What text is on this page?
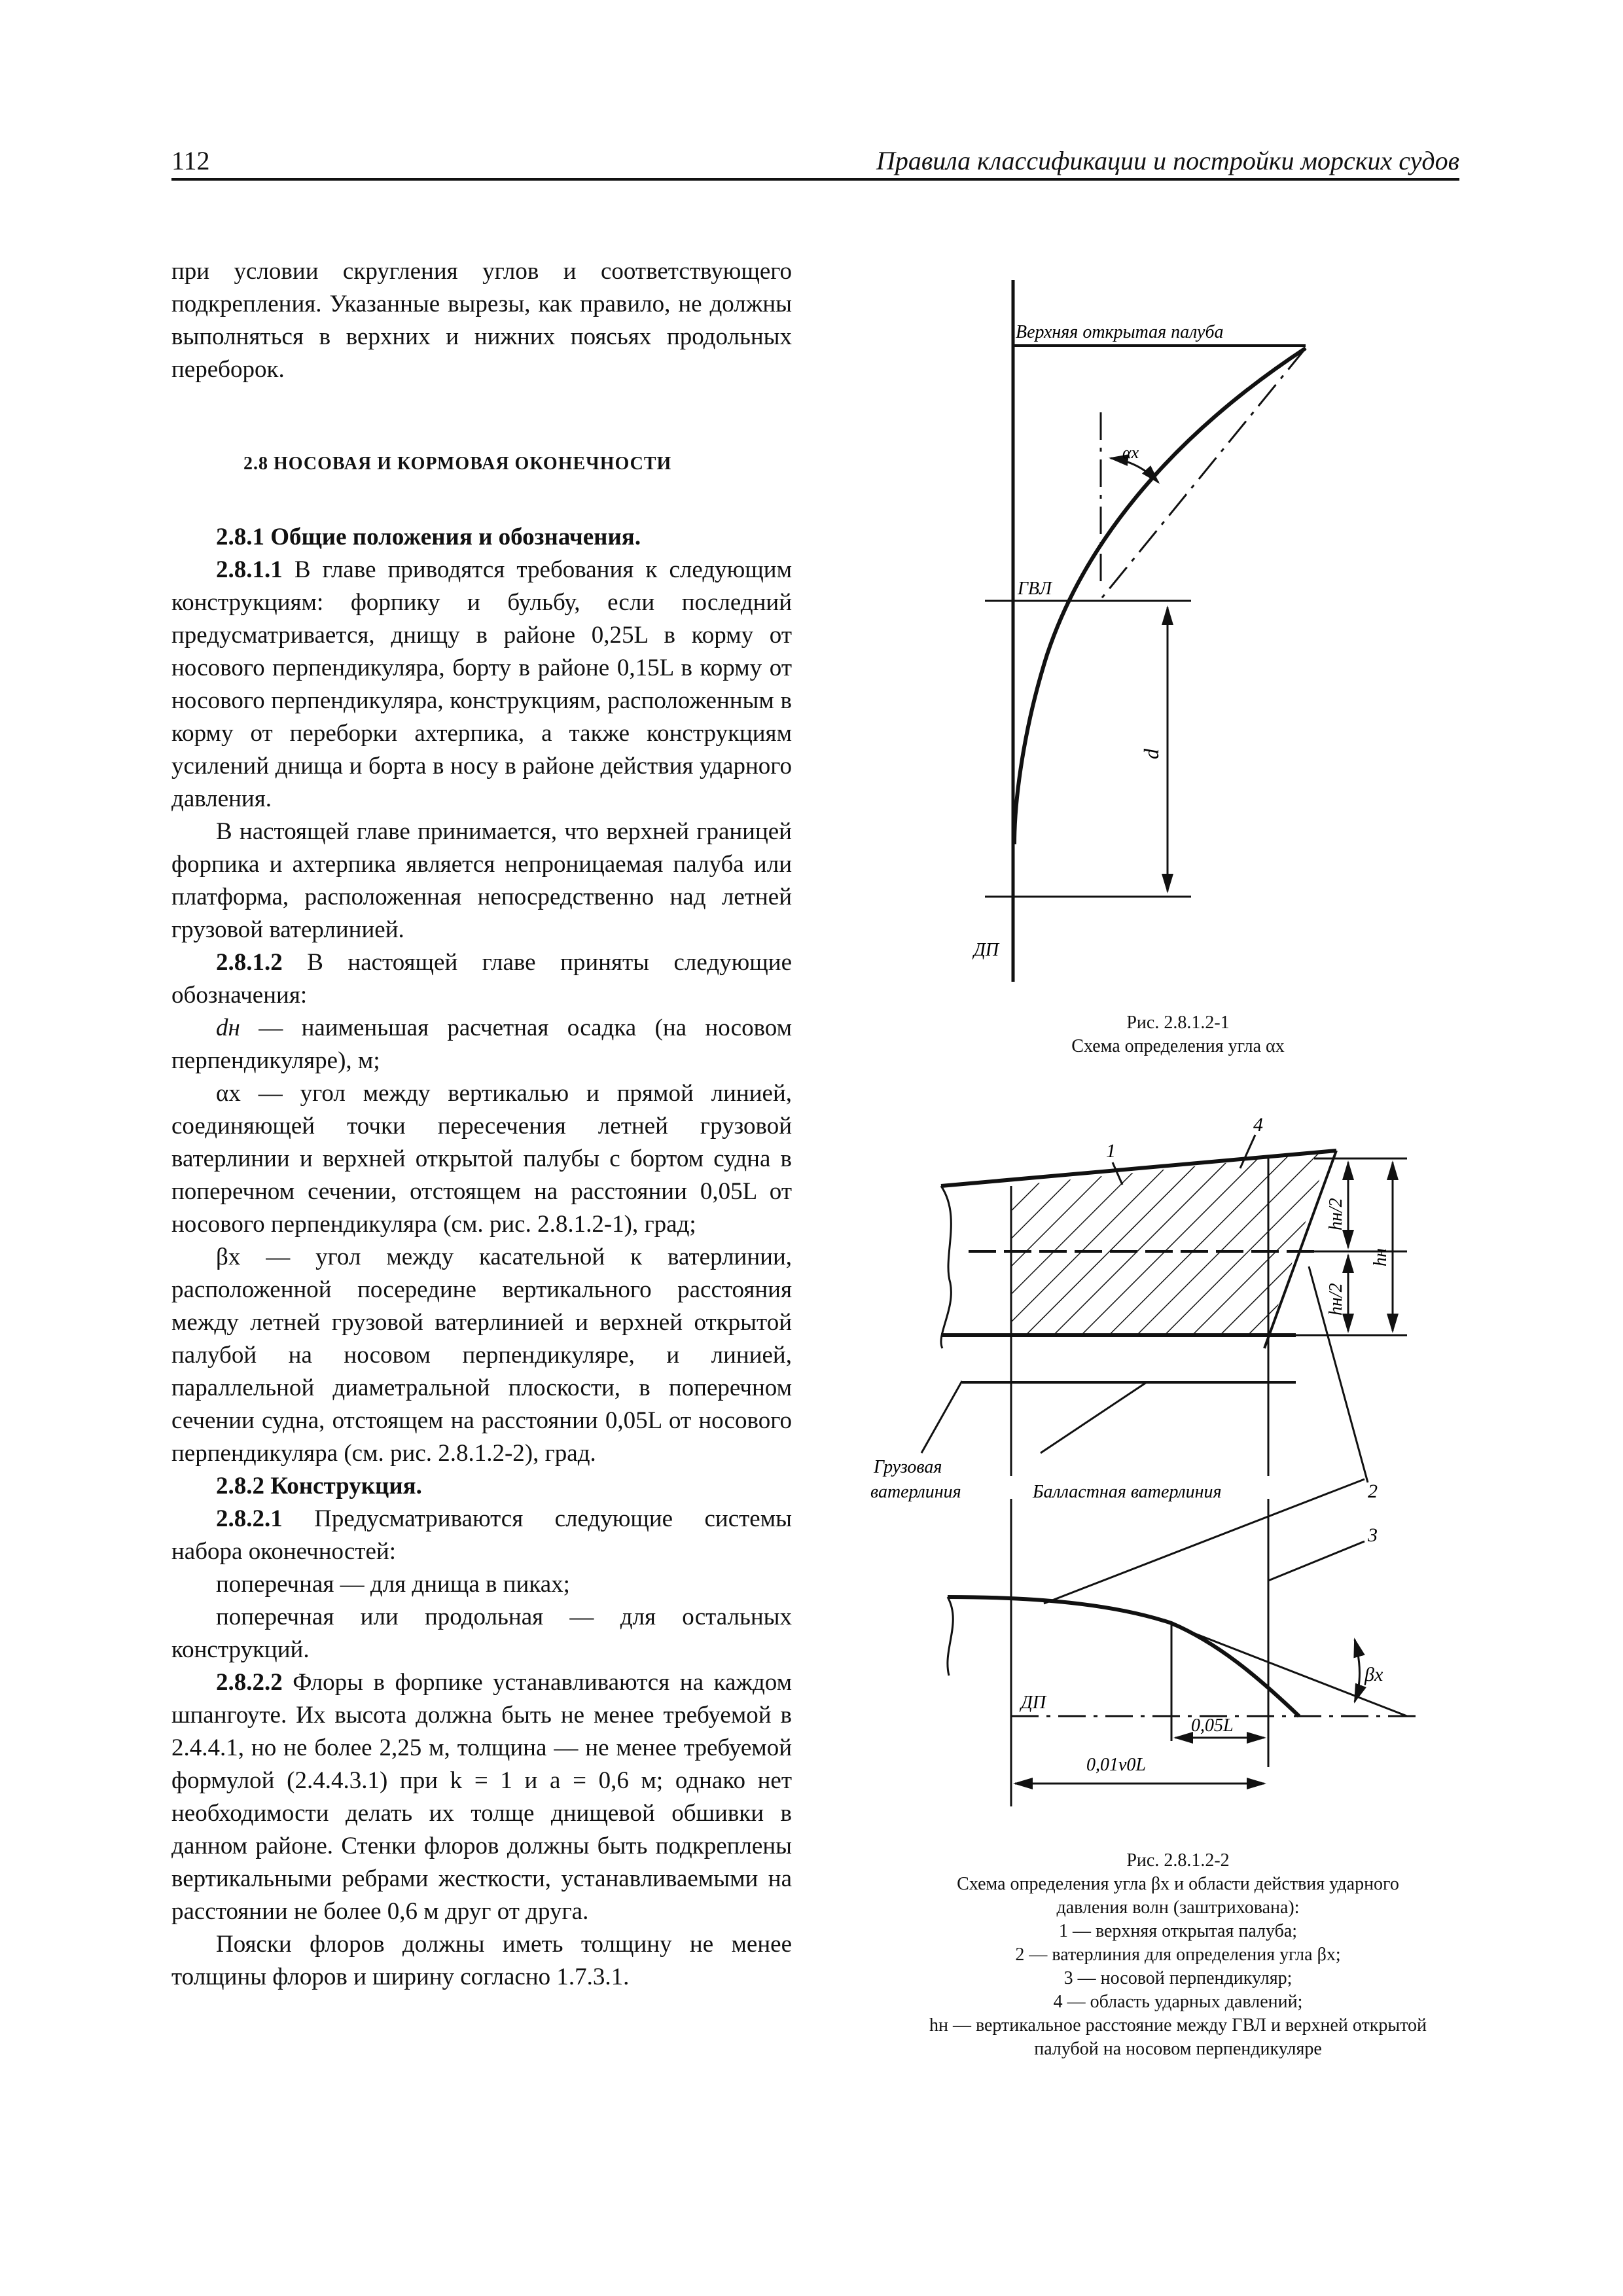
112	Правила классификации и постройки морских судов

при условии скругления углов и соответствующего подкрепления. Указанные вырезы, как правило, не должны выполняться в верхних и нижних поясьях продольных переборок.

2.8 НОСОВАЯ И КОРМОВАЯ ОКОНЕЧНОСТИ

2.8.1 Общие положения и обозначения.

2.8.1.1 В главе приводятся требования к следующим конструкциям: форпику и бульбу, если последний предусматривается, днищу в районе 0,25L в корму от носового перпендикуляра, борту в районе 0,15L в корму от носового перпендикуляра, конструкциям, расположенным в корму от переборки ахтерпика, а также конструкциям усилений днища и борта в носу в районе действия ударного давления.

В настоящей главе принимается, что верхней границей форпика и ахтерпика является непроницаемая палуба или платформа, расположенная непосредственно над летней грузовой ватерлинией.

2.8.1.2 В настоящей главе приняты следующие обозначения:

dн — наименьшая расчетная осадка (на носовом перпендикуляре), м;

αx — угол между вертикалью и прямой линией, соединяющей точки пересечения летней грузовой ватерлинии и верхней открытой палубы с бортом судна в поперечном сечении, отстоящем на расстоянии 0,05L от носового перпендикуляра (см. рис. 2.8.1.2-1), град;

βx — угол между касательной к ватерлинии, расположенной посередине вертикального расстояния между летней грузовой ватерлинией и верхней открытой палубой на носовом перпендикуляре, и линией, параллельной диаметральной плоскости, в поперечном сечении судна, отстоящем на расстоянии 0,05L от носового перпендикуляра (см. рис. 2.8.1.2-2), град.

2.8.2 Конструкция.

2.8.2.1 Предусматриваются следующие системы набора оконечностей:

поперечная — для днища в пиках;

поперечная или продольная — для остальных конструкций.

2.8.2.2 Флоры в форпике устанавливаются на каждом шпангоуте. Их высота должна быть не менее требуемой в 2.4.4.1, но не более 2,25 м, толщина — не менее требуемой формулой (2.4.4.3.1) при k = 1 и a = 0,6 м; однако нет необходимости делать их толще днищевой обшивки в данном районе. Стенки флоров должны быть подкреплены вертикальными ребрами жесткости, устанавливаемыми на расстоянии не более 0,6 м друг от друга.

Пояски флоров должны иметь толщину не менее толщины флоров и ширину согласно 1.7.3.1.

Верхняя открытая палуба
αx
ГВЛ
d
ДП
hн/2
hн/2
hн
1
4
Грузовая
ватерлиния	Балластная ватерлиния	2
3
βx
ДП
0,05L
0,01v0L
Рис. 2.8.1.2-1
Схема определения угла αx
Рис. 2.8.1.2-2
Схема определения угла βx и области действия ударного
давления волн (заштрихована):
1 — верхняя открытая палуба;
2 — ватерлиния для определения угла βx;
3 — носовой перпендикуляр;
4 — область ударных давлений;
hн — вертикальное расстояние между ГВЛ и верхней открытой
палубой на носовом перпендикуляре
